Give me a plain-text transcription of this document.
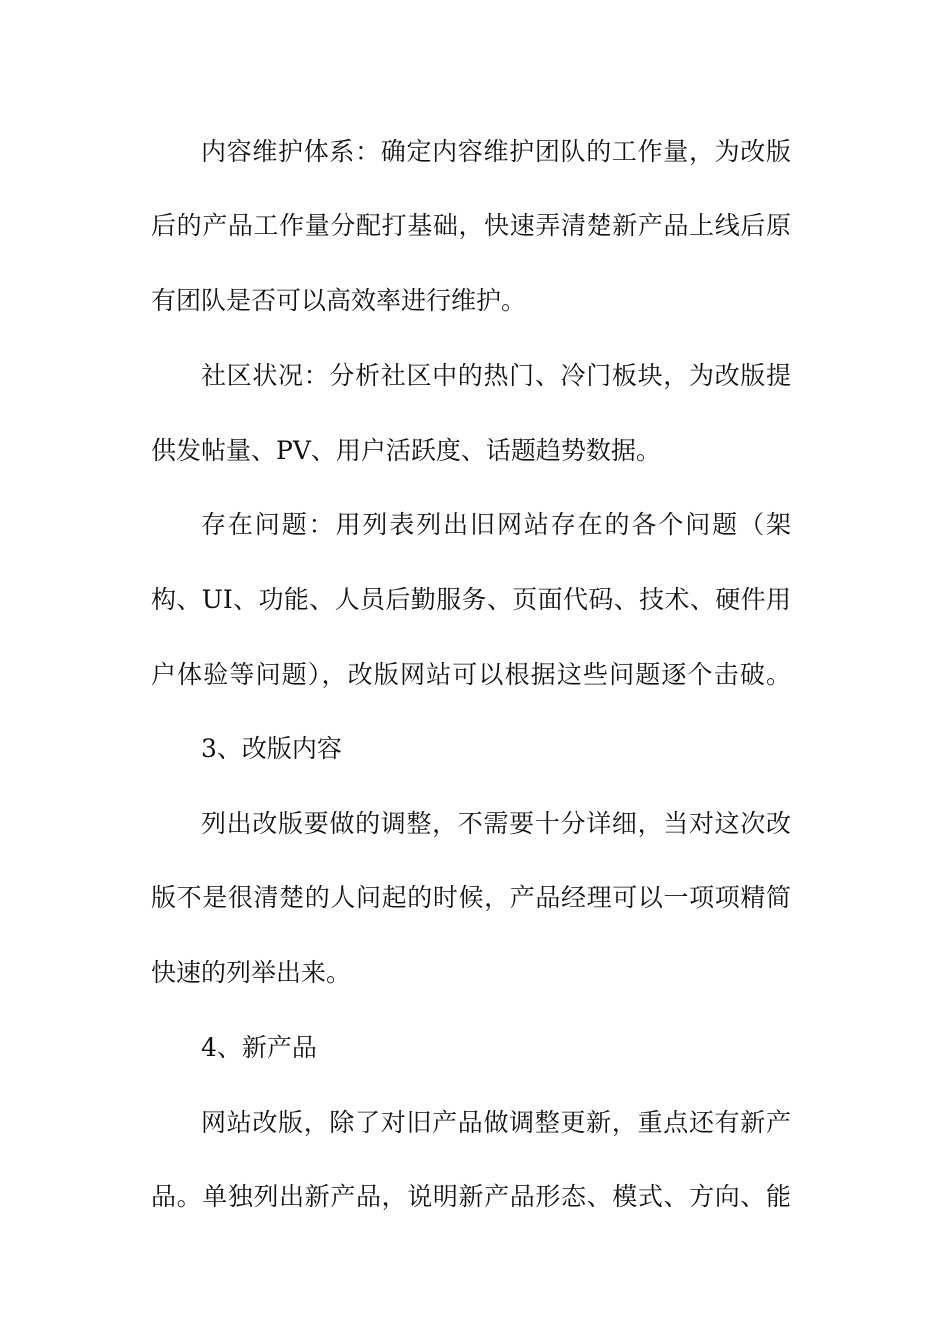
内容维护体系：确定内容维护团队的工作量，为改版
后的产品工作量分配打基础，快速弄清楚新产品上线后原
有团队是否可以高效率进行维护。
社区状况：分析社区中的热门、冷门板块，为改版提
供发帖量、PV、用户活跃度、话题趋势数据。
存在问题：用列表列出旧网站存在的各个问题（架
构、UI、功能、人员后勤服务、页面代码、技术、硬件用
户体验等问题），改版网站可以根据这些问题逐个击破。
3、改版内容
列出改版要做的调整，不需要十分详细，当对这次改
版不是很清楚的人问起的时候，产品经理可以一项项精简
快速的列举出来。
4、新产品
网站改版，除了对旧产品做调整更新，重点还有新产
品。单独列出新产品，说明新产品形态、模式、方向、能
